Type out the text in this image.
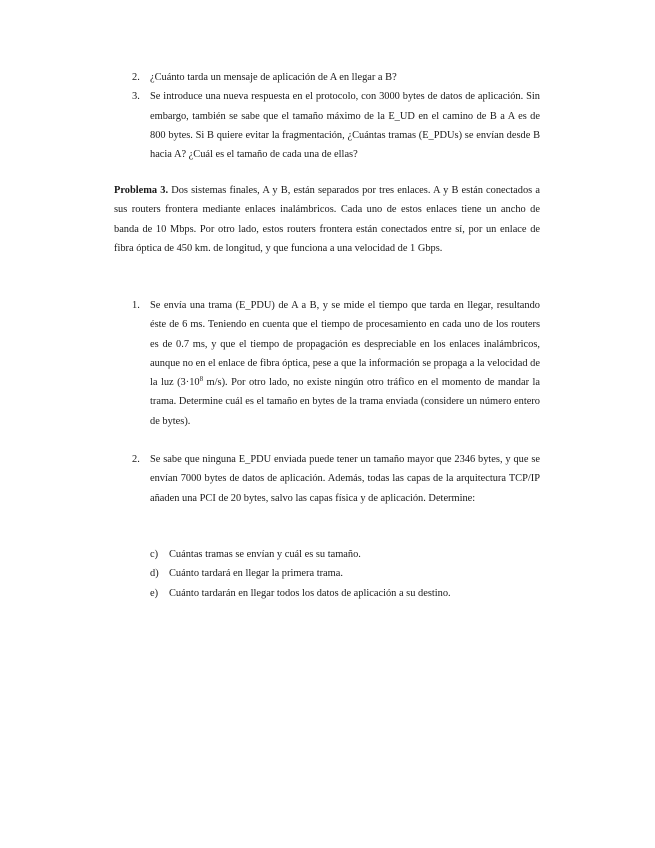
2. ¿Cuánto tarda un mensaje de aplicación de A en llegar a B?
3. Se introduce una nueva respuesta en el protocolo, con 3000 bytes de datos de aplicación. Sin embargo, también se sabe que el tamaño máximo de la E_UD en el camino de B a A es de 800 bytes. Si B quiere evitar la fragmentación, ¿Cuántas tramas (E_PDUs) se envían desde B hacia A? ¿Cuál es el tamaño de cada una de ellas?

Problema 3. Dos sistemas finales, A y B, están separados por tres enlaces. A y B están conectados a sus routers frontera mediante enlaces inalámbricos. Cada uno de estos enlaces tiene un ancho de banda de 10 Mbps. Por otro lado, estos routers frontera están conectados entre sí, por un enlace de fibra óptica de 450 km. de longitud, y que funciona a una velocidad de 1 Gbps.

1. Se envía una trama (E_PDU) de A a B, y se mide el tiempo que tarda en llegar, resultando éste de 6 ms. Teniendo en cuenta que el tiempo de procesamiento en cada uno de los routers es de 0.7 ms, y que el tiempo de propagación es despreciable en los enlaces inalámbricos, aunque no en el enlace de fibra óptica, pese a que la información se propaga a la velocidad de la luz ($3\cdot 10^8$ m/s). Por otro lado, no existe ningún otro tráfico en el momento de mandar la trama. Determine cuál es el tamaño en bytes de la trama enviada (considere un número entero de bytes).
2. Se sabe que ninguna E_PDU enviada puede tener un tamaño mayor que 2346 bytes, y que se envían 7000 bytes de datos de aplicación. Además, todas las capas de la arquitectura TCP/IP añaden una PCI de 20 bytes, salvo las capas física y de aplicación. Determine:
c) Cuántas tramas se envían y cuál es su tamaño.
d) Cuánto tardará en llegar la primera trama.
e) Cuánto tardarán en llegar todos los datos de aplicación a su destino.
